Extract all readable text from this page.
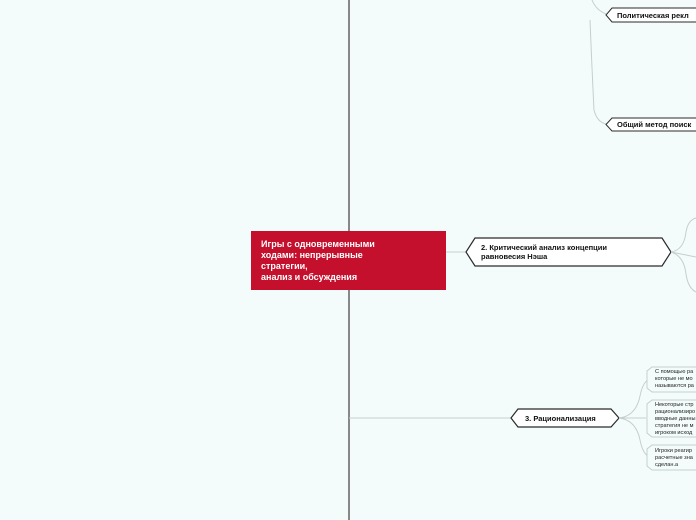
Игры с одновременными
ходами: непрерывные
стратегии,
анализ и обсуждения
Политическая рекл
Общий метод поиск
2. Критический анализ концепции
равновесия Нэша
3. Рационализация
С помощью ра
которые не мо
называются ра
Некоторые стр
рационализиро
вводные данны
стратегия не м
игроком исход
Игроки реагир
расчетные зна
сделан.а
